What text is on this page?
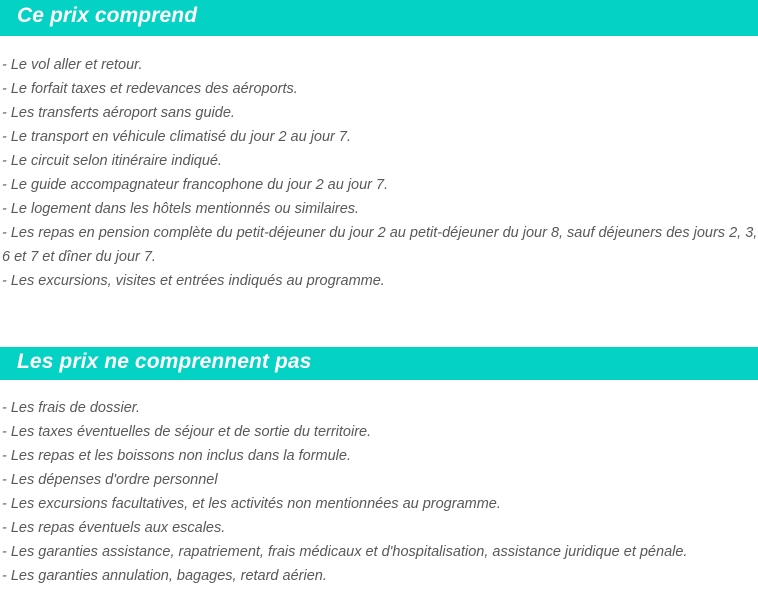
Ce prix comprend

- Le vol aller et retour.

- Le forfait taxes et redevances des aéroports.

- Les transferts aéroport sans guide.

- Le transport en véhicule climatisé du jour 2 au jour 7.

- Le circuit selon itinéraire indiqué.

- Le guide accompagnateur francophone du jour 2 au jour 7.

- Le logement dans les hôtels mentionnés ou similaires.

- Les repas en pension complète du petit-déjeuner du jour 2 au petit-déjeuner du jour 8, sauf déjeuners des jours 2, 3, 6 et 7 et dîner du jour 7.

- Les excursions, visites et entrées indiqués au programme.

Les prix ne comprennent pas

- Les frais de dossier.

- Les taxes éventuelles de séjour et de sortie du territoire.

- Les repas et les boissons non inclus dans la formule.

- Les dépenses d'ordre personnel

- Les excursions facultatives, et les activités non mentionnées au programme.

- Les repas éventuels aux escales.

- Les garanties assistance, rapatriement, frais médicaux et d'hospitalisation, assistance juridique et pénale.

- Les garanties annulation, bagages, retard aérien.
